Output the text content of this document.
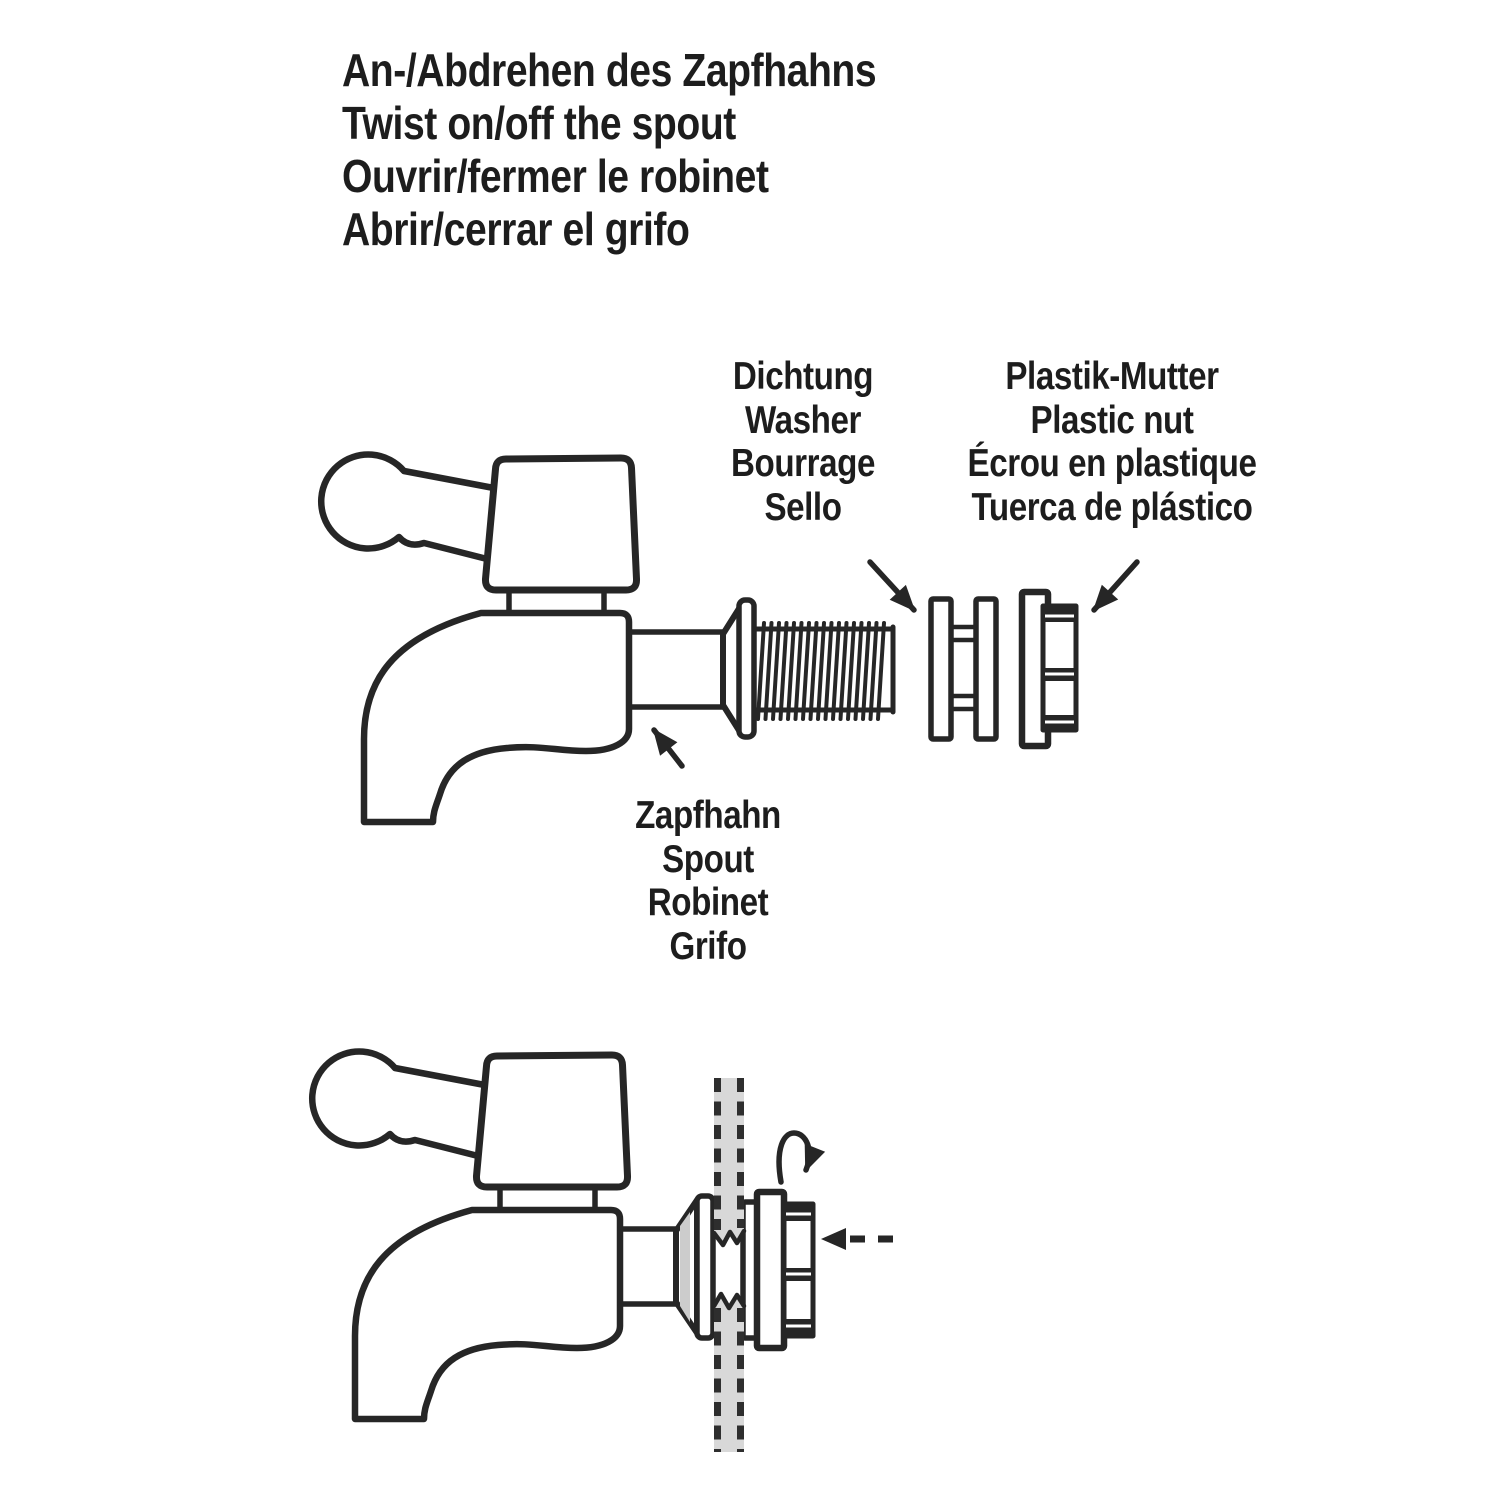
An-/Abdrehen des Zapfhahns
Twist on/off the spout
Ouvrir/fermer le robinet
Abrir/cerrar el grifo
Dichtung
Washer
Bourrage
Sello
Plastik-Mutter
Plastic nut
Écrou en plastique
Tuerca de plástico
Zapfhahn
Spout
Robinet
Grifo
